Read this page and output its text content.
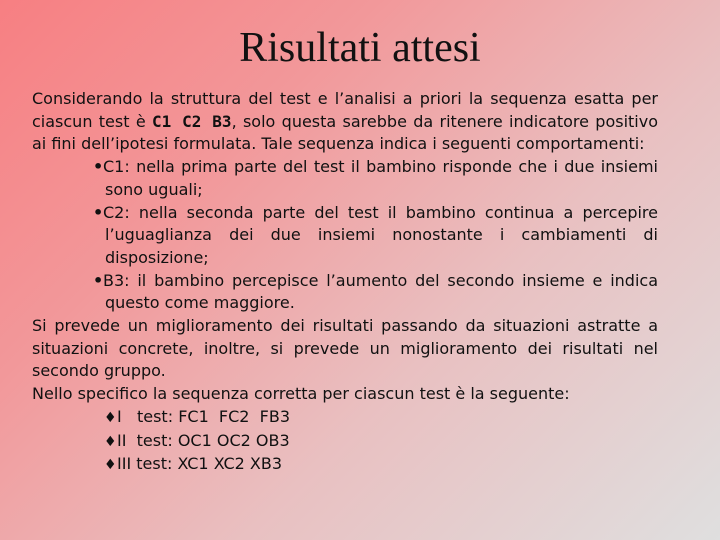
Risultati attesi

Considerando la struttura del test e l’analisi a priori la sequenza esatta per ciascun test è C1 C2 B3, solo questa sarebbe da ritenere indicatore positivo ai fini dell’ipotesi formulata. Tale sequenza indica i seguenti comportamenti:

•C1: nella prima parte del test il bambino risponde che i due insiemi sono uguali;
•C2: nella seconda parte del test il bambino continua a percepire l’uguaglianza dei due insiemi nonostante i cambiamenti di disposizione;
•B3: il bambino percepisce l’aumento del secondo insieme e indica questo come maggiore.

Si prevede un miglioramento dei risultati passando da situazioni astratte a situazioni concrete, inoltre, si prevede un miglioramento dei risultati nel secondo gruppo.

Nello specifico la sequenza corretta per ciascun test è la seguente:

♦I   test: FC1  FC2  FB3
♦II  test: OC1 OC2 OB3
♦III test: XC1 XC2 XB3
